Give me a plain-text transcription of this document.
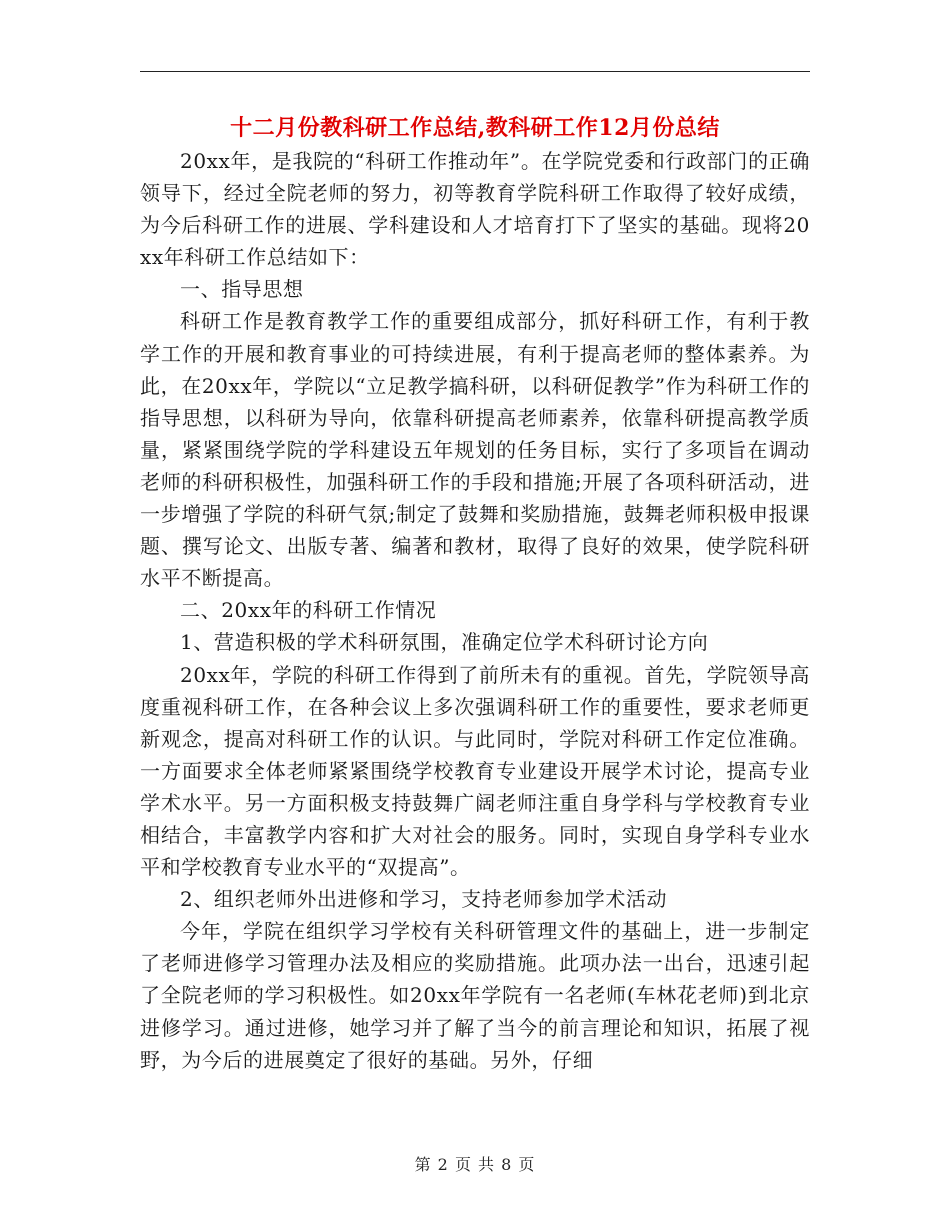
十二月份教科研工作总结,教科研工作12月份总结

20xx年，是我院的“科研工作推动年”。在学院党委和行政部门的正确领导下，经过全院老师的努力，初等教育学院科研工作取得了较好成绩，为今后科研工作的进展、学科建设和人才培育打下了坚实的基础。现将20xx年科研工作总结如下：

一、指导思想

科研工作是教育教学工作的重要组成部分，抓好科研工作，有利于教学工作的开展和教育事业的可持续进展，有利于提高老师的整体素养。为此，在20xx年，学院以“立足教学搞科研，以科研促教学”作为科研工作的指导思想，以科研为导向，依靠科研提高老师素养，依靠科研提高教学质量，紧紧围绕学院的学科建设五年规划的任务目标，实行了多项旨在调动老师的科研积极性，加强科研工作的手段和措施;开展了各项科研活动，进一步增强了学院的科研气氛;制定了鼓舞和奖励措施，鼓舞老师积极申报课题、撰写论文、出版专著、编著和教材，取得了良好的效果，使学院科研水平不断提高。

二、20xx年的科研工作情况

1、营造积极的学术科研氛围，准确定位学术科研讨论方向

20xx年，学院的科研工作得到了前所未有的重视。首先，学院领导高度重视科研工作，在各种会议上多次强调科研工作的重要性，要求老师更新观念，提高对科研工作的认识。与此同时，学院对科研工作定位准确。一方面要求全体老师紧紧围绕学校教育专业建设开展学术讨论，提高专业学术水平。另一方面积极支持鼓舞广阔老师注重自身学科与学校教育专业相结合，丰富教学内容和扩大对社会的服务。同时，实现自身学科专业水平和学校教育专业水平的“双提高”。

2、组织老师外出进修和学习，支持老师参加学术活动

今年，学院在组织学习学校有关科研管理文件的基础上，进一步制定了老师进修学习管理办法及相应的奖励措施。此项办法一出台，迅速引起了全院老师的学习积极性。如20xx年学院有一名老师(车林花老师)到北京进修学习。通过进修，她学习并了解了当今的前言理论和知识，拓展了视野，为今后的进展奠定了很好的基础。另外，仔细

第 2 页 共 8 页
